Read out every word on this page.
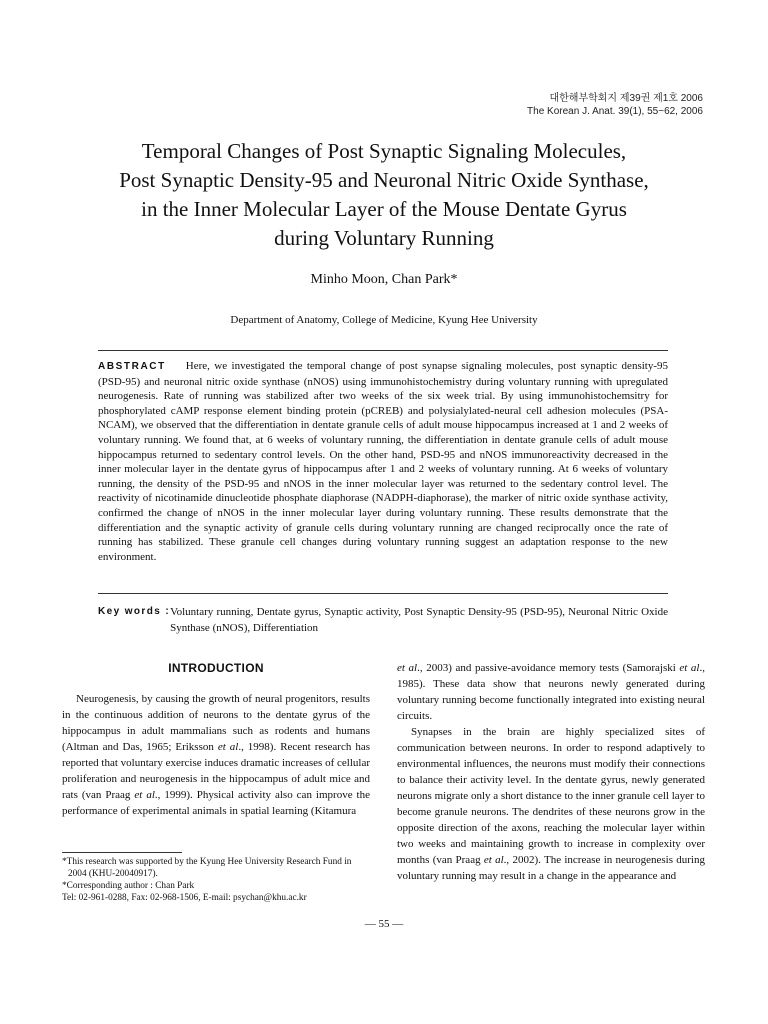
대한해부학회지 제39권 제1호 2006
The Korean J. Anat. 39(1), 55~62, 2006
Temporal Changes of Post Synaptic Signaling Molecules,
Post Synaptic Density-95 and Neuronal Nitric Oxide Synthase,
in the Inner Molecular Layer of the Mouse Dentate Gyrus
during Voluntary Running
Minho Moon, Chan Park*
Department of Anatomy, College of Medicine, Kyung Hee University
ABSTRACT Here, we investigated the temporal change of post synapse signaling molecules, post synaptic density-95 (PSD-95) and neuronal nitric oxide synthase (nNOS) using immunohistochemistry during voluntary running with upregulated neurogenesis. Rate of running was stabilized after two weeks of the six week trial. By using immunohistochemsitry for phosphorylated cAMP response element binding protein (pCREB) and polysialylated-neural cell adhesion molecules (PSA-NCAM), we observed that the differentiation in dentate granule cells of adult mouse hippocampus increased at 1 and 2 weeks of voluntary running. We found that, at 6 weeks of voluntary running, the differentiation in dentate granule cells of adult mouse hippocampus returned to sedentary control levels. On the other hand, PSD-95 and nNOS immunoreactivity decreased in the inner molecular layer in the dentate gyrus of hippocampus after 1 and 2 weeks of voluntary running. At 6 weeks of voluntary running, the density of the PSD-95 and nNOS in the inner molecular layer was returned to the sedentary control level. The reactivity of nicotinamide dinucleotide phosphate diaphorase (NADPH-diaphorase), the marker of nitric oxide synthase activity, confirmed the change of nNOS in the inner molecular layer during voluntary running. These results demonstrate that the differentiation and the synaptic activity of granule cells during voluntary running are changed reciprocally once the rate of running has stabilized. These granule cell changes during voluntary running suggest an adaptation response to the new environment.
Key words : Voluntary running, Dentate gyrus, Synaptic activity, Post Synaptic Density-95 (PSD-95), Neuronal Nitric Oxide Synthase (nNOS), Differentiation
INTRODUCTION

Neurogenesis, by causing the growth of neural progenitors, results in the continuous addition of neurons to the dentate gyrus of the hippocampus in adult mammalians such as rodents and humans (Altman and Das, 1965; Eriksson et al., 1998). Recent research has reported that voluntary exercise induces dramatic increases of cellular proliferation and neurogenesis in the hippocampus of adult mice and rats (van Praag et al., 1999). Physical activity also can improve the performance of experimental animals in spatial learning (Kitamura

et al., 2003) and passive-avoidance memory tests (Samorajski et al., 1985). These data show that neurons newly generated during voluntary running become functionally integrated into existing neural circuits.

Synapses in the brain are highly specialized sites of communication between neurons. In order to respond adaptively to environmental influences, the neurons must modify their connections to balance their activity level. In the dentate gyrus, newly generated neurons migrate only a short distance to the inner granule cell layer to become granule neurons. The dendrites of these neurons grow in the opposite direction of the axons, reaching the molecular layer within two weeks and maintaining growth to increase in complexity over months (van Praag et al., 2002). The increase in neurogenesis during voluntary running may result in a change in the appearance and

*This research was supported by the Kyung Hee University Research Fund in
2004 (KHU-20040917).
*Corresponding author : Chan Park
Tel: 02-961-0288, Fax: 02-968-1506, E-mail: psychan@khu.ac.kr
— 55 —
